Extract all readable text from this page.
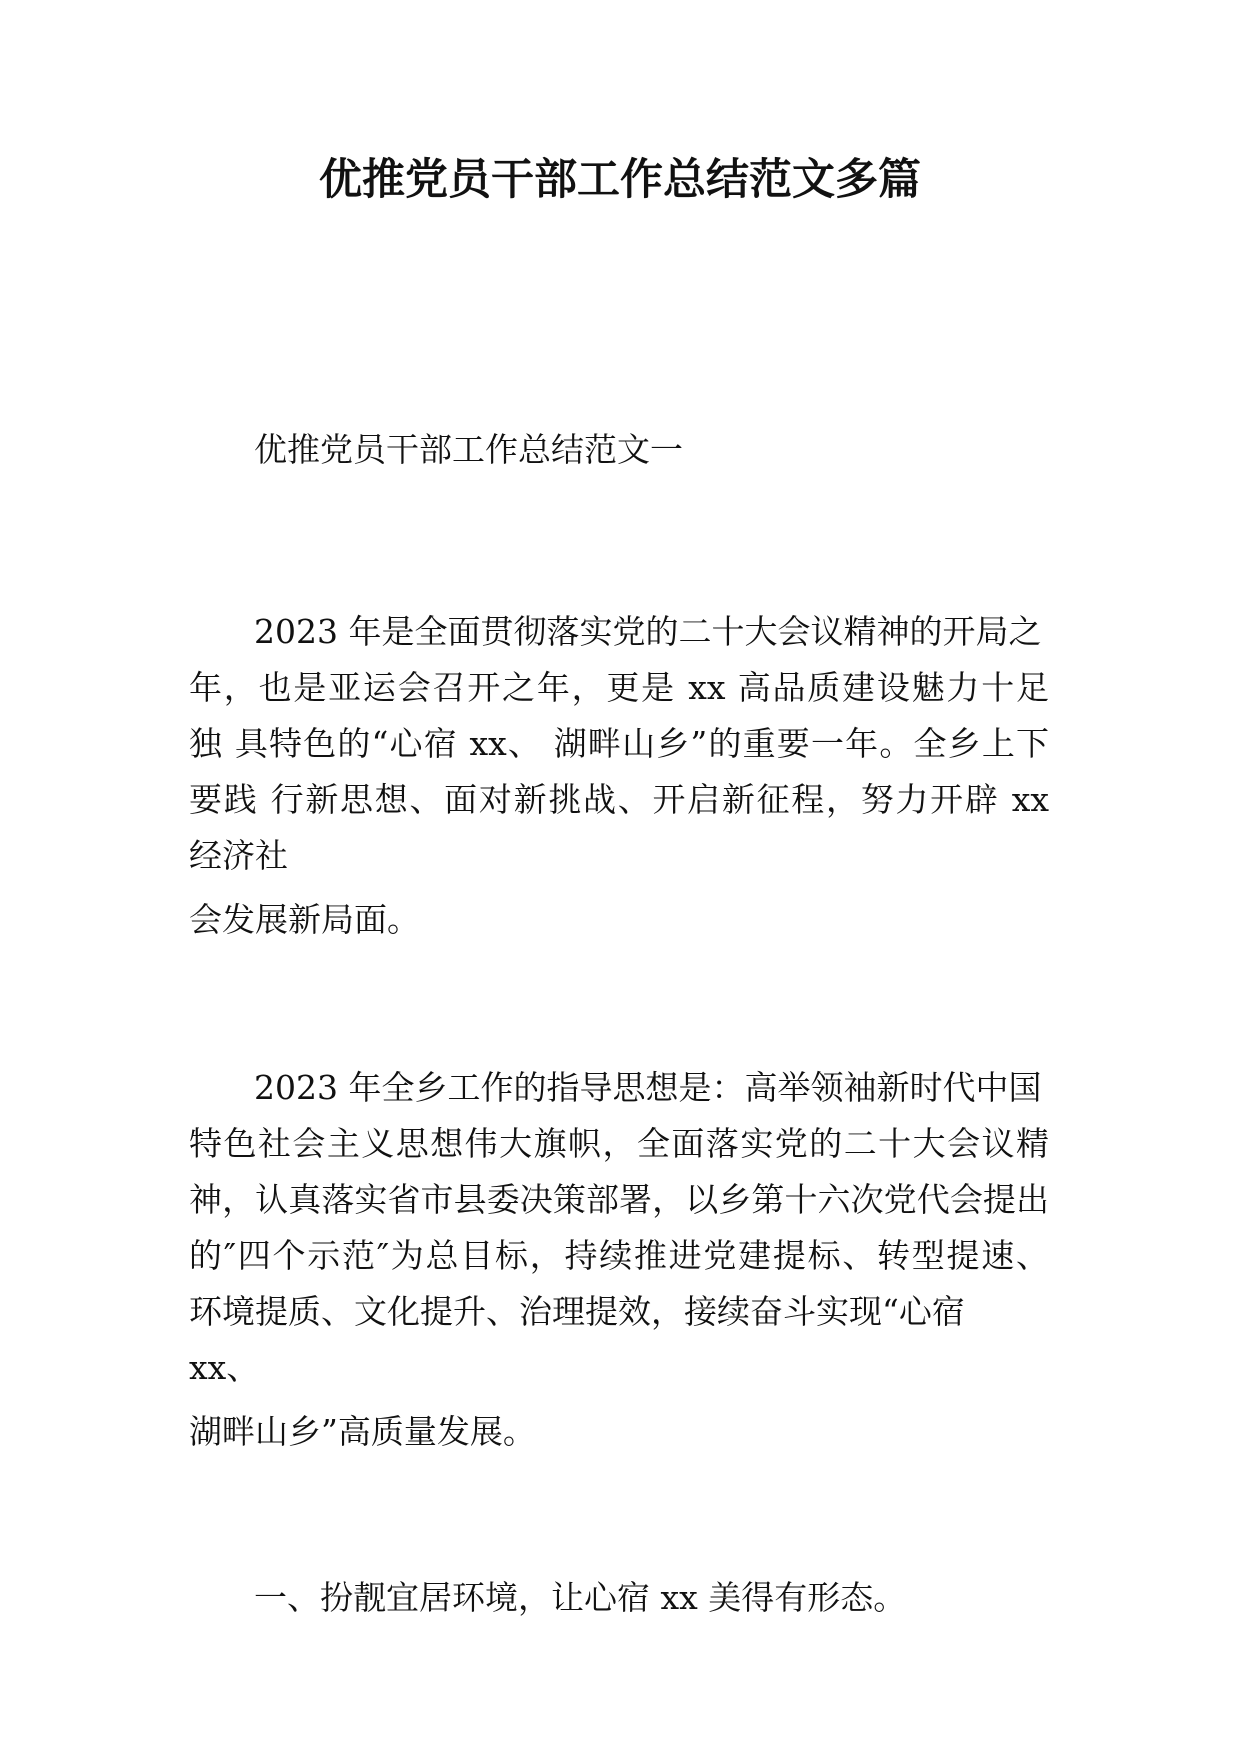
优推党员干部工作总结范文多篇

优推党员干部工作总结范文一

2023 年是全面贯彻落实党的二十大会议精神的开局之

年，也是亚运会召开之年，更是 xx 高品质建设魅力十足

独 具特色的“心宿 xx、 湖畔山乡”的重要一年。全乡上下

要践 行新思想、面对新挑战、开启新征程，努力开辟 xx

经济社

会发展新局面。

2023 年全乡工作的指导思想是：高举领袖新时代中国

特色社会主义思想伟大旗帜，全面落实党的二十大会议精

神，认真落实省市县委决策部署，以乡第十六次党代会提出

的″四个示范″为总目标，持续推进党建提标、转型提速、

环境提质、文化提升、治理提效，接续奋斗实现“心宿

xx、

湖畔山乡”高质量发展。

一、扮靓宜居环境，让心宿 xx 美得有形态。
